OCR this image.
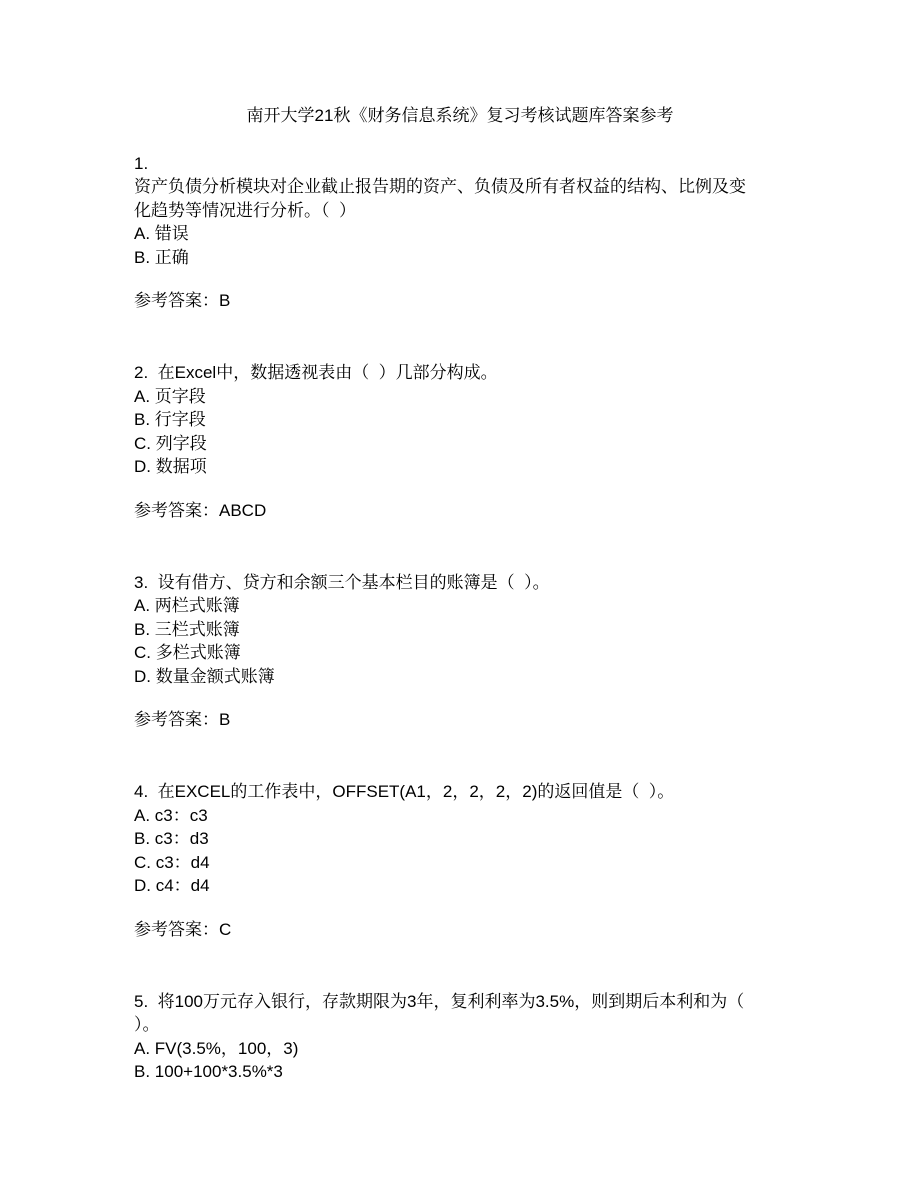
南开大学21秋《财务信息系统》复习考核试题库答案参考
1.
资产负债分析模块对企业截止报告期的资产、负债及所有者权益的结构、比例及变
化趋势等情况进行分析。（  ）
A. 错误
B. 正确
参考答案：B
2.  在Excel中，数据透视表由（  ）几部分构成。
A. 页字段
B. 行字段
C. 列字段
D. 数据项
参考答案：ABCD
3.  设有借方、贷方和余额三个基本栏目的账簿是（  ）。
A. 两栏式账簿
B. 三栏式账簿
C. 多栏式账簿
D. 数量金额式账簿
参考答案：B
4.  在EXCEL的工作表中，OFFSET(A1，2，2，2，2)的返回值是（  ）。
A. c3：c3
B. c3：d3
C. c3：d4
D. c4：d4
参考答案：C
5.  将100万元存入银行，存款期限为3年，复利利率为3.5%，则到期后本利和为（
）。
A. FV(3.5%，100，3)
B. 100+100*3.5%*3
